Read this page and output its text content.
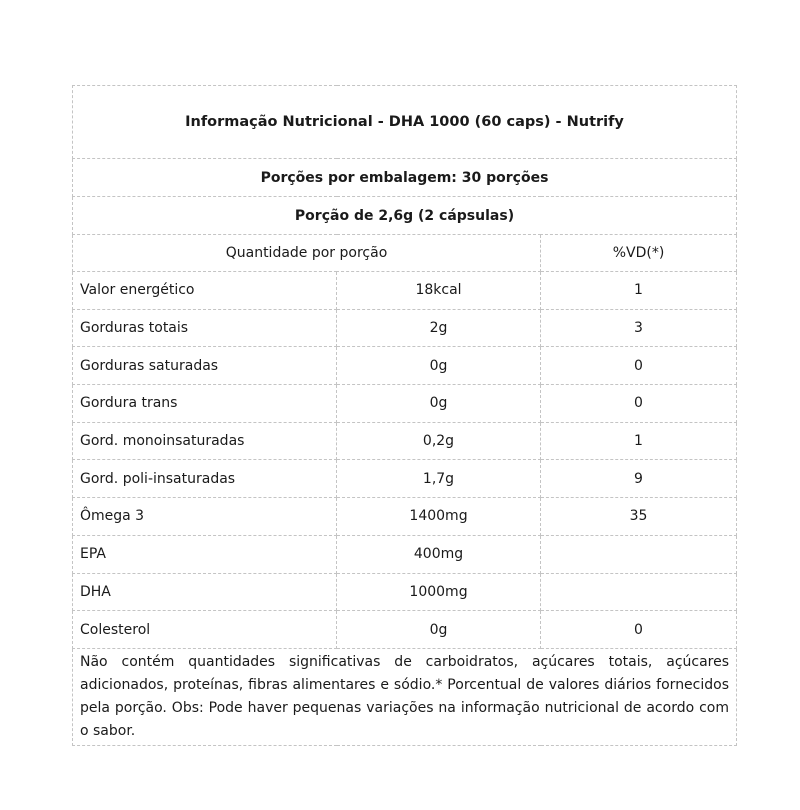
Informação Nutricional - DHA 1000 (60 caps) - Nutrify		
Porções por embalagem: 30 porções		
Porção de 2,6g (2 cápsulas)		
Quantidade por porção		%VD(*)
Valor energético	18kcal	1
Gorduras totais	2g	3
Gorduras saturadas	0g	0
Gordura trans	0g	0
Gord. monoinsaturadas	0,2g	1
Gord. poli-insaturadas	1,7g	9
Ômega 3	1400mg	35
EPA	400mg	
DHA	1000mg	
Colesterol	0g	0
Não contém quantidades significativas de carboidratos, açúcares totais, açúcares adicionados, proteínas, fibras alimentares e sódio.* Porcentual de valores diários fornecidos pela porção. Obs: Pode haver pequenas variações na informação nutricional de acordo com o sabor.		
